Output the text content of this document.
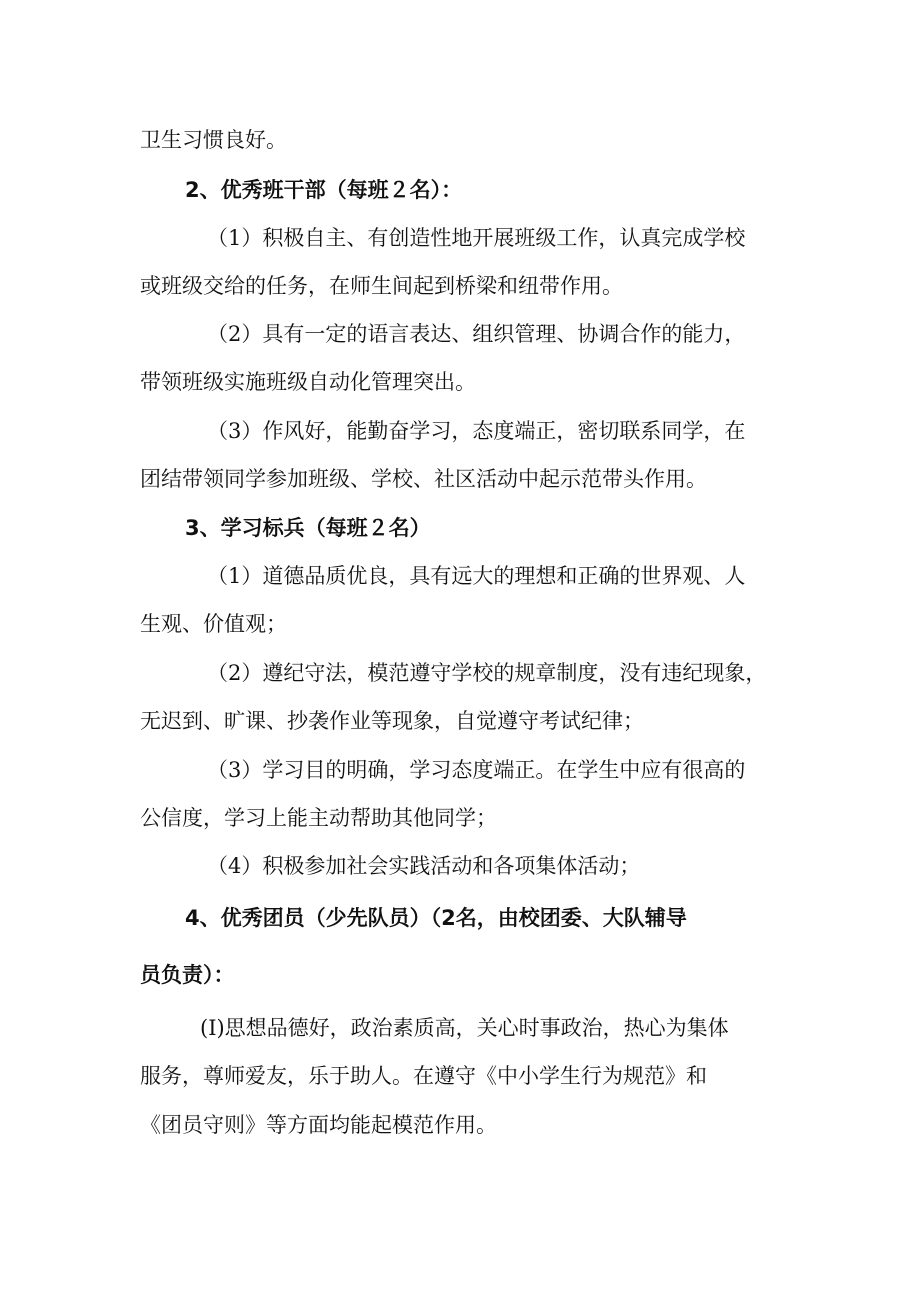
卫生习惯良好。
2、优秀班干部（每班２名）：
（1）积极自主、有创造性地开展班级工作，认真完成学校
或班级交给的任务，在师生间起到桥梁和纽带作用。
（2）具有一定的语言表达、组织管理、协调合作的能力，
带领班级实施班级自动化管理突出。
（3）作风好，能勤奋学习，态度端正，密切联系同学，在
团结带领同学参加班级、学校、社区活动中起示范带头作用。
3、学习标兵（每班２名）
（1）道德品质优良，具有远大的理想和正确的世界观、人
生观、价值观；
（2）遵纪守法，模范遵守学校的规章制度，没有违纪现象，
无迟到、旷课、抄袭作业等现象，自觉遵守考试纪律；
（3）学习目的明确，学习态度端正。在学生中应有很高的
公信度，学习上能主动帮助其他同学；
（4）积极参加社会实践活动和各项集体活动；
4、优秀团员（少先队员）（2名，由校团委、大队辅导
员负责）：
(I)思想品德好，政治素质高，关心时事政治，热心为集体
服务，尊师爱友，乐于助人。在遵守《中小学生行为规范》和
《团员守则》等方面均能起模范作用。
